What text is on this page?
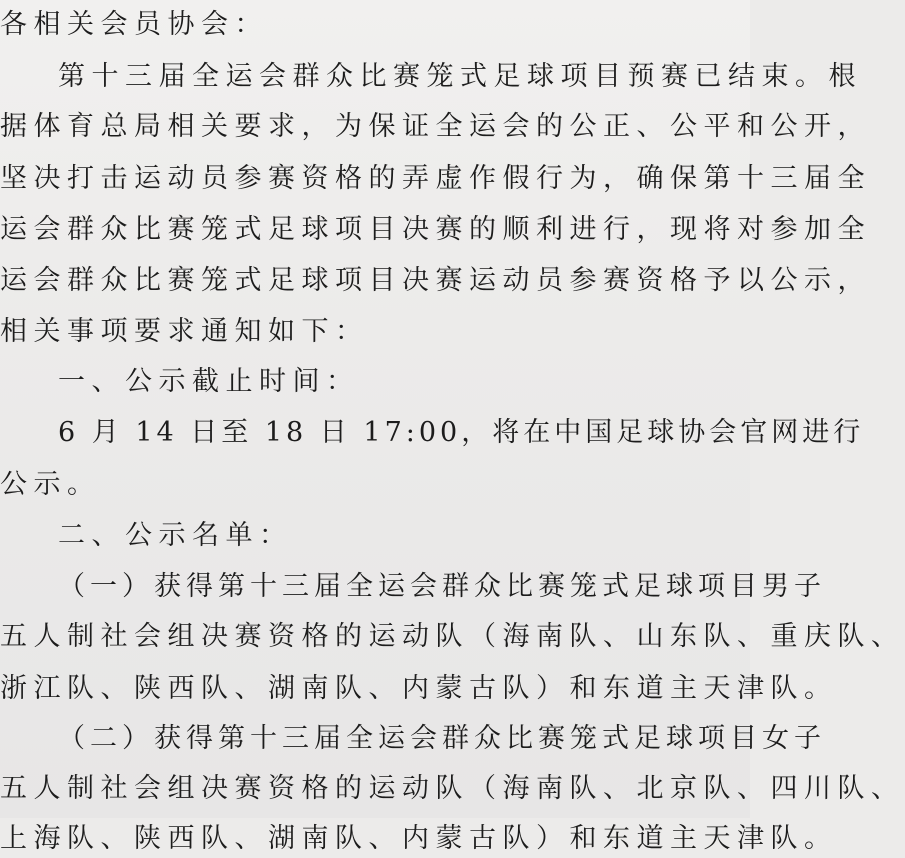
各相关会员协会：
第十三届全运会群众比赛笼式足球项目预赛已结束。根
据体育总局相关要求，为保证全运会的公正、公平和公开，
坚决打击运动员参赛资格的弄虚作假行为，确保第十三届全
运会群众比赛笼式足球项目决赛的顺利进行，现将对参加全
运会群众比赛笼式足球项目决赛运动员参赛资格予以公示，
相关事项要求通知如下：
一、公示截止时间：
6 月 14 日至 18 日 17:00，将在中国足球协会官网进行
公示。
二、公示名单：
（一）获得第十三届全运会群众比赛笼式足球项目男子
五人制社会组决赛资格的运动队（海南队、山东队、重庆队、
浙江队、陕西队、湖南队、内蒙古队）和东道主天津队。
（二）获得第十三届全运会群众比赛笼式足球项目女子
五人制社会组决赛资格的运动队（海南队、北京队、四川队、
上海队、陕西队、湖南队、内蒙古队）和东道主天津队。
